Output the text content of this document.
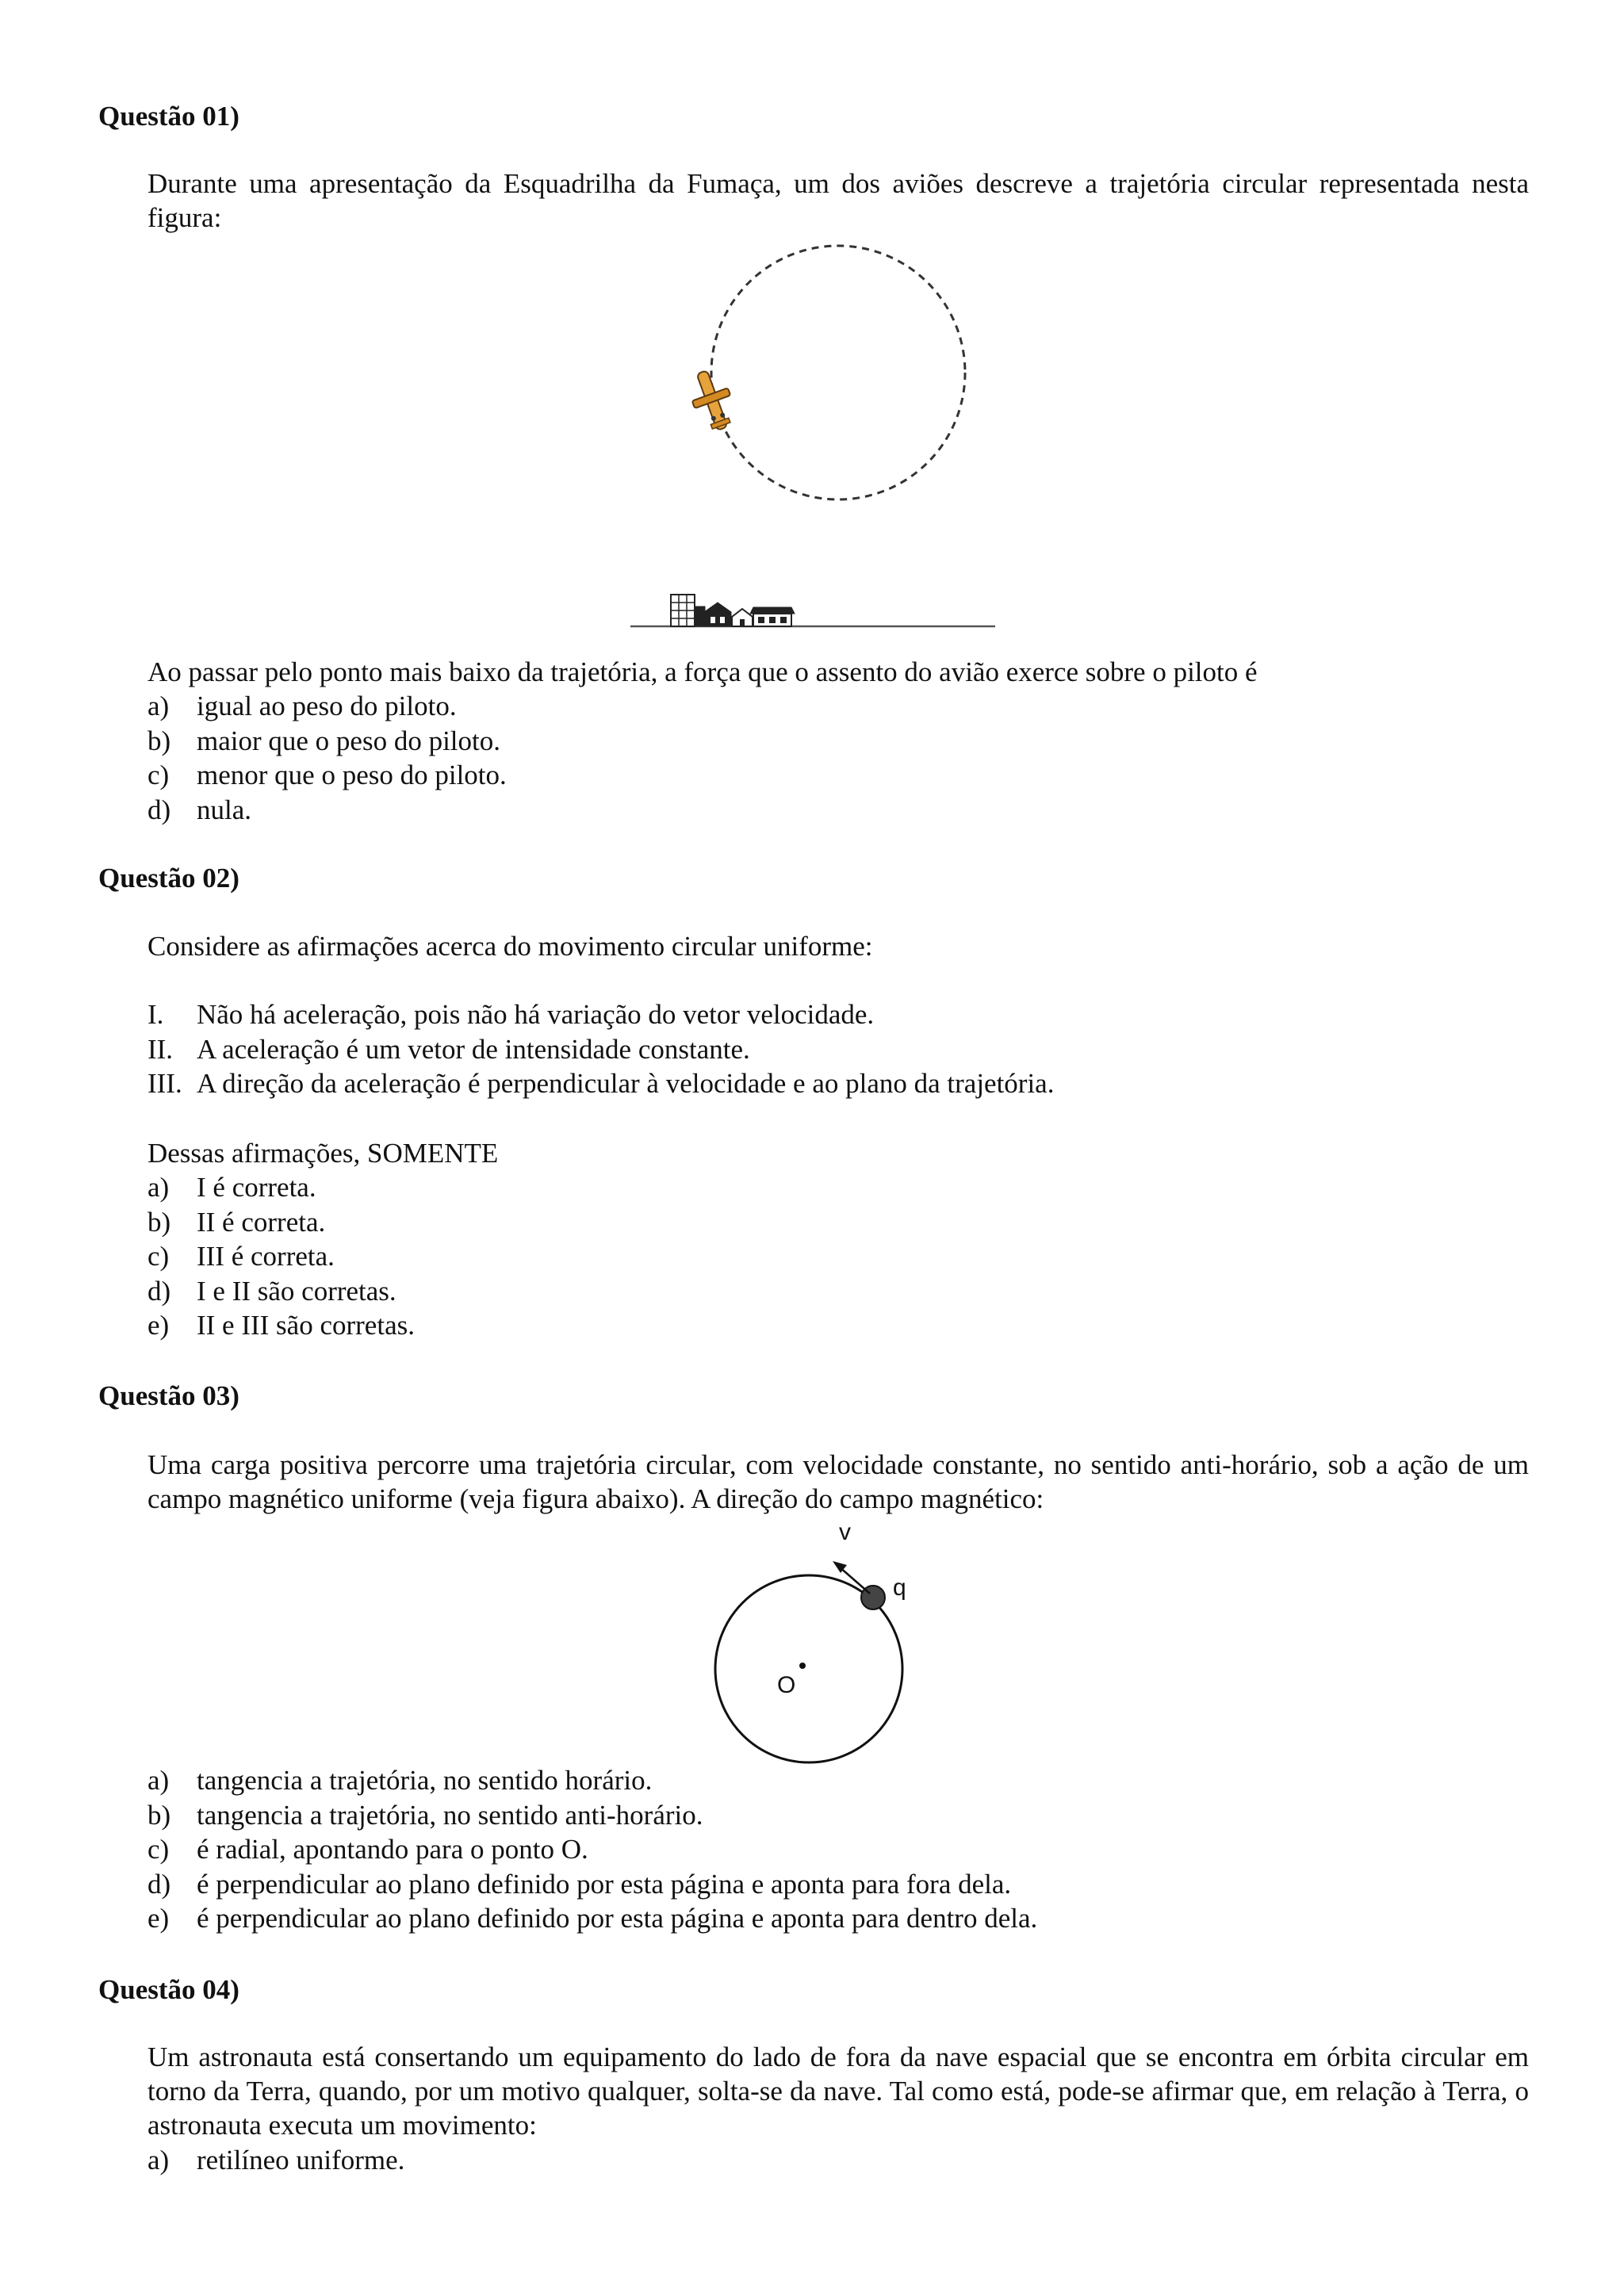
Questão 01)

Durante uma apresentação da Esquadrilha da Fumaça, um dos aviões descreve a trajetória circular representada nesta figura:

Ao passar pelo ponto mais baixo da trajetória, a força que o assento do avião exerce sobre o piloto é

a) igual ao peso do piloto.
b) maior que o peso do piloto.
c) menor que o peso do piloto.
d) nula.
Questão 02)

Considere as afirmações acerca do movimento circular uniforme:

I.	Não há aceleração, pois não há variação do vetor velocidade.
II. A aceleração é um vetor de intensidade constante.
III. A direção da aceleração é perpendicular à velocidade e ao plano da trajetória.

Dessas afirmações, SOMENTE

a) I é correta.
b) II é correta.
c) III é correta.
d) I e II são corretas.
e) II e III são corretas.
Questão 03)

Uma carga positiva percorre uma trajetória circular, com velocidade constante, no sentido anti-horário, sob a ação de um campo magnético uniforme (veja figura abaixo). A direção do campo magnético:

v
q
O
a) tangencia a trajetória, no sentido horário.
b) tangencia a trajetória, no sentido anti-horário.
c) é radial, apontando para o ponto O.
d) é perpendicular ao plano definido por esta página e aponta para fora dela.
e) é perpendicular ao plano definido por esta página e aponta para dentro dela.
Questão 04)

Um astronauta está consertando um equipamento do lado de fora da nave espacial que se encontra em órbita circular em torno da Terra, quando, por um motivo qualquer, solta-se da nave. Tal como está, pode-se afirmar que, em relação à Terra, o astronauta executa um movimento:

a) retilíneo uniforme.
